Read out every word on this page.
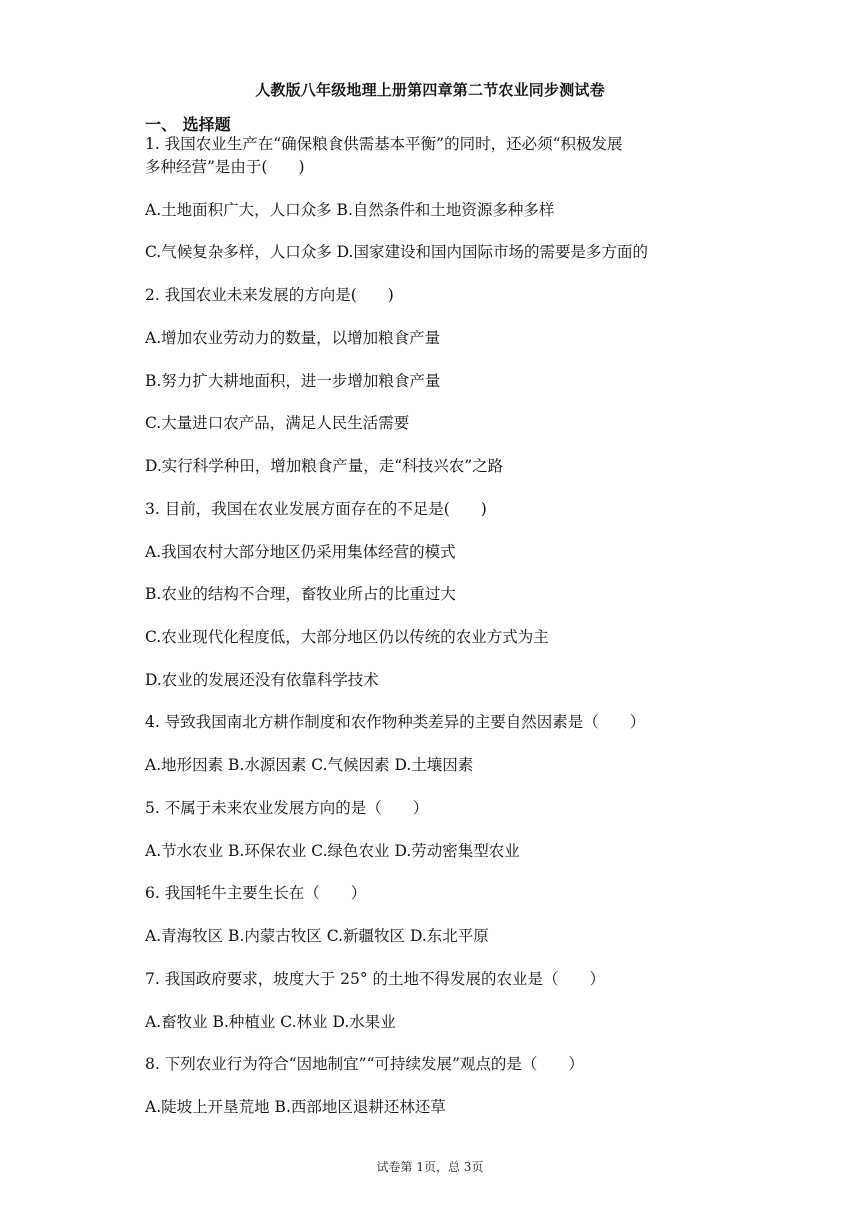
人教版八年级地理上册第四章第二节农业同步测试卷
一、 选择题
1. 我国农业生产在“确保粮食供需基本平衡”的同时，还必须“积极发展
多种经营”是由于(　　)
A.土地面积广大，人口众多 B.自然条件和土地资源多种多样
C.气候复杂多样，人口众多 D.国家建设和国内国际市场的需要是多方面的
2. 我国农业未来发展的方向是(　　)
A.增加农业劳动力的数量，以增加粮食产量
B.努力扩大耕地面积，进一步增加粮食产量
C.大量进口农产品，满足人民生活需要
D.实行科学种田，增加粮食产量，走“科技兴农”之路
3. 目前，我国在农业发展方面存在的不足是(　　)
A.我国农村大部分地区仍采用集体经营的模式
B.农业的结构不合理，畜牧业所占的比重过大
C.农业现代化程度低，大部分地区仍以传统的农业方式为主
D.农业的发展还没有依靠科学技术
4. 导致我国南北方耕作制度和农作物种类差异的主要自然因素是（　　）
A.地形因素 B.水源因素 C.气候因素 D.土壤因素
5. 不属于未来农业发展方向的是（　　）
A.节水农业 B.环保农业 C.绿色农业 D.劳动密集型农业
6. 我国牦牛主要生长在（　　）
A.青海牧区 B.内蒙古牧区 C.新疆牧区 D.东北平原
7. 我国政府要求，坡度大于 25° 的土地不得发展的农业是（　　）
A.畜牧业 B.种植业 C.林业 D.水果业
8. 下列农业行为符合“因地制宜”“可持续发展”观点的是（　　）
A.陡坡上开垦荒地 B.西部地区退耕还林还草
试卷第 1页，总 3页
